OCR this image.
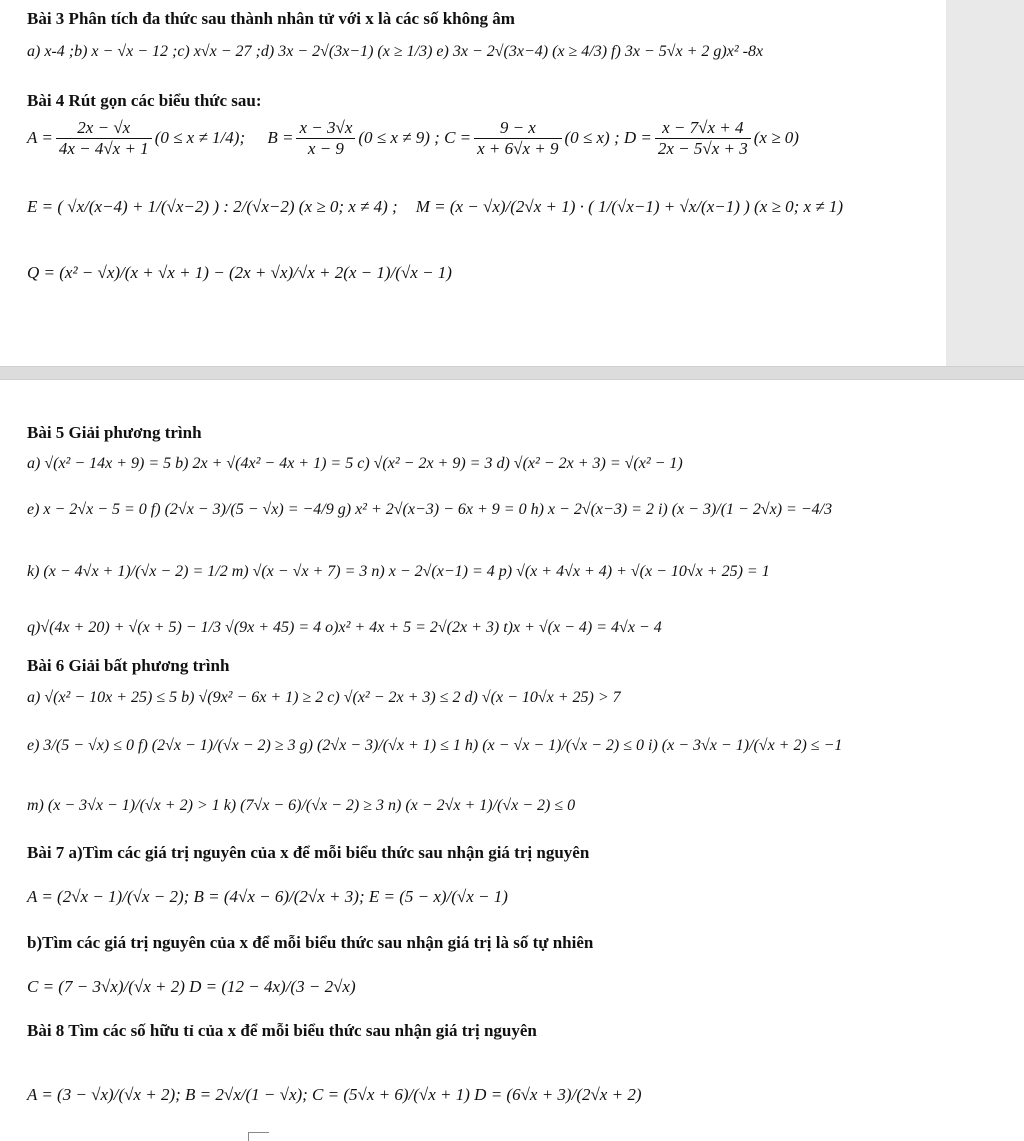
Bài 3 Phân tích đa thức sau thành nhân tử với x là các số không âm
a) x-4 ;b) x − √x − 12 ;c) x√x − 27 ;d) 3x − 2√(3x−1) (x ≥ 1/3) e) 3x − 2√(3x−4) (x ≥ 4/3) f) 3x − 5√x + 2 g)x² -8x
Bài 4 Rút gọn các biểu thức sau:
$A = \frac{2x - √x}{4x - 4√x + 1} (0 \le x \ne 1/4)$; $B = \frac{x - 3√x}{x - 9} (0 \le x \ne 9)$ ; $C = \frac{9 - x}{x + 6√x + 9} (0 \le x)$ ; $D = \frac{x - 7√x + 4}{2x - 5√x + 3} (x \ge 0)$
E = ( √x/(x−4) + 1/(√x−2) ) : 2/(√x−2) (x ≥ 0; x ≠ 4) ; M = (x − √x)/(2√x + 1) · ( 1/(√x−1) + √x/(x−1) ) (x ≥ 0; x ≠ 1)
Q = (x² − √x)/(x + √x + 1) − (2x + √x)/√x + 2(x − 1)/(√x − 1)
Bài 5 Giải phương trình
a) √(x² − 14x + 9) = 5 b) 2x + √(4x² − 4x + 1) = 5 c) √(x² − 2x + 9) = 3 d) √(x² − 2x + 3) = √(x² − 1)
e) x − 2√x − 5 = 0 f) (2√x − 3)/(5 − √x) = −4/9 g) x² + 2√(x−3) − 6x + 9 = 0 h) x − 2√(x−3) = 2 i) (x − 3)/(1 − 2√x) = −4/3
k) (x − 4√x + 1)/(√x − 2) = 1/2 m) √(x − √x + 7) = 3 n) x − 2√(x−1) = 4 p) √(x + 4√x + 4) + √(x − 10√x + 25) = 1
q)√(4x + 20) + √(x + 5) − 1/3 √(9x + 45) = 4 o)x² + 4x + 5 = 2√(2x + 3) t)x + √(x − 4) = 4√x − 4
Bài 6 Giải bất phương trình
a) √(x² − 10x + 25) ≤ 5 b) √(9x² − 6x + 1) ≥ 2 c) √(x² − 2x + 3) ≤ 2 d) √(x − 10√x + 25) > 7
e) 3/(5 − √x) ≤ 0 f) (2√x − 1)/(√x − 2) ≥ 3 g) (2√x − 3)/(√x + 1) ≤ 1 h) (x − √x − 1)/(√x − 2) ≤ 0 i) (x − 3√x − 1)/(√x + 2) ≤ −1
m) (x − 3√x − 1)/(√x + 2) > 1 k) (7√x − 6)/(√x − 2) ≥ 3 n) (x − 2√x + 1)/(√x − 2) ≤ 0
Bài 7 a)Tìm các giá trị nguyên của x để mỗi biểu thức sau nhận giá trị nguyên
A = (2√x − 1)/(√x − 2); B = (4√x − 6)/(2√x + 3); E = (5 − x)/(√x − 1)
b)Tìm các giá trị nguyên của x để mỗi biểu thức sau nhận giá trị là số tự nhiên
C = (7 − 3√x)/(√x + 2) D = (12 − 4x)/(3 − 2√x)
Bài 8 Tìm các số hữu tỉ của x để mỗi biểu thức sau nhận giá trị nguyên
A = (3 − √x)/(√x + 2); B = 2√x/(1 − √x); C = (5√x + 6)/(√x + 1) D = (6√x + 3)/(2√x + 2)
